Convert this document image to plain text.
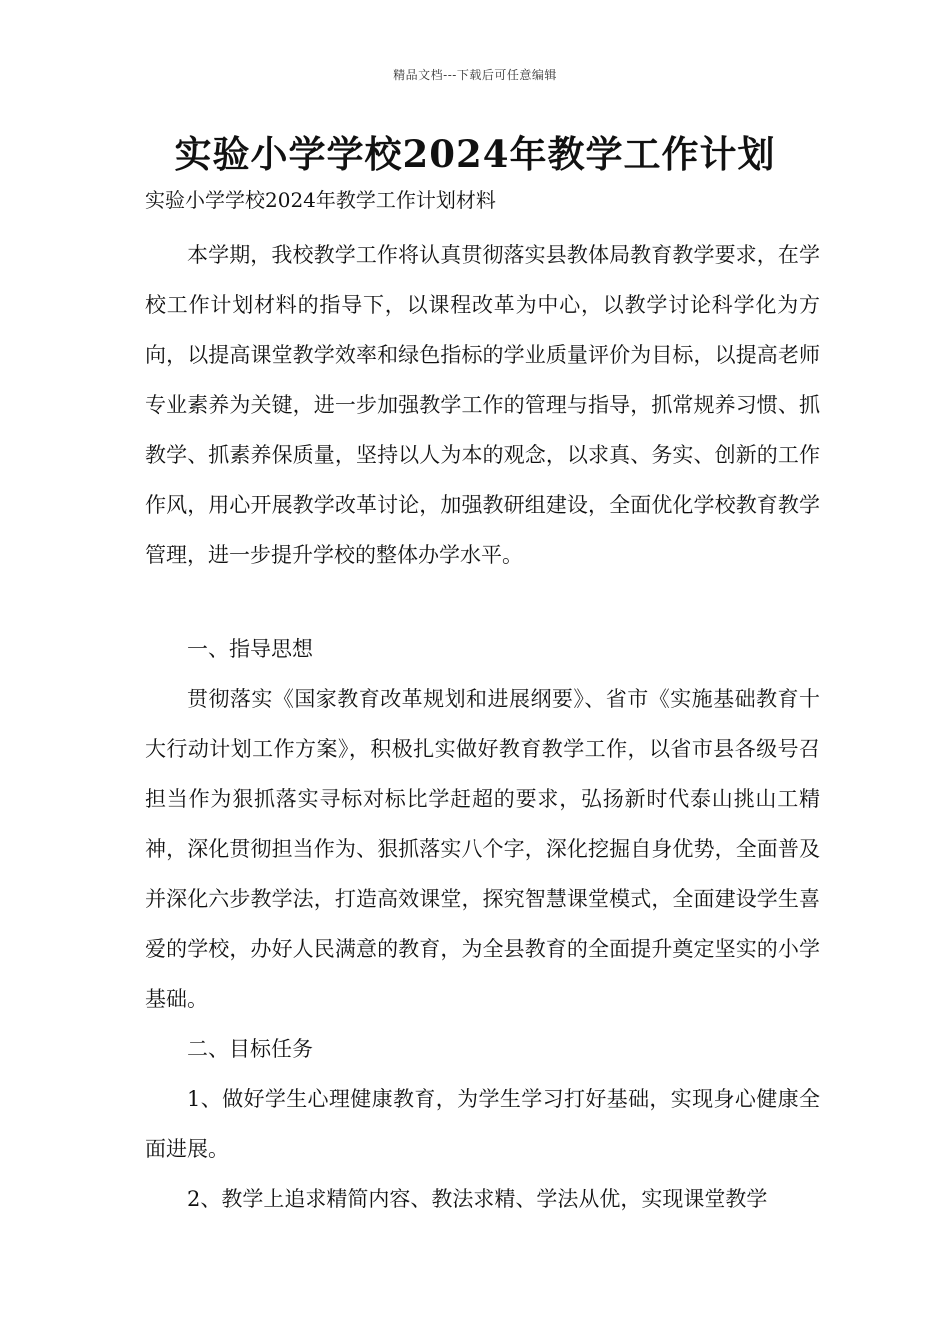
精品文档---下载后可任意编辑
实验小学学校2024年教学工作计划

实验小学学校2024年教学工作计划材料

本学期，我校教学工作将认真贯彻落实县教体局教育教学要求，在学校工作计划材料的指导下，以课程改革为中心，以教学讨论科学化为方向，以提高课堂教学效率和绿色指标的学业质量评价为目标，以提高老师专业素养为关键，进一步加强教学工作的管理与指导，抓常规养习惯、抓教学、抓素养保质量，坚持以人为本的观念，以求真、务实、创新的工作作风，用心开展教学改革讨论，加强教研组建设，全面优化学校教育教学管理，进一步提升学校的整体办学水平。

一、指导思想

贯彻落实《国家教育改革规划和进展纲要》、省市《实施基础教育十大行动计划工作方案》，积极扎实做好教育教学工作，以省市县各级号召担当作为狠抓落实寻标对标比学赶超的要求，弘扬新时代泰山挑山工精神，深化贯彻担当作为、狠抓落实八个字，深化挖掘自身优势，全面普及并深化六步教学法，打造高效课堂，探究智慧课堂模式，全面建设学生喜爱的学校，办好人民满意的教育，为全县教育的全面提升奠定坚实的小学基础。

二、目标任务

1、做好学生心理健康教育，为学生学习打好基础，实现身心健康全面进展。

2、教学上追求精简内容、教法求精、学法从优，实现课堂教学
